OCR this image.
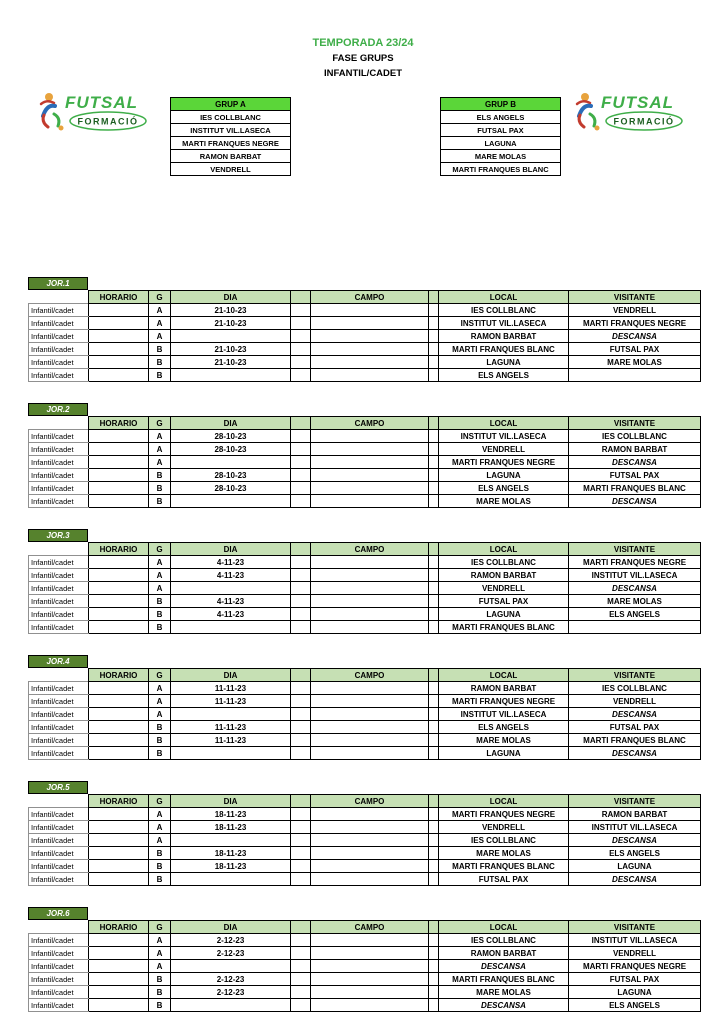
TEMPORADA 23/24
FASE GRUPS
INFANTIL/CADET
FUTSAL
FORMACIÓ
FUTSAL
FORMACIÓ
GRUP A
IES COLLBLANC
INSTITUT VIL.LASECA
MARTI FRANQUES NEGRE
RAMON BARBAT
VENDRELL
GRUP B
ELS ANGELS
FUTSAL PAX
LAGUNA
MARE MOLAS
MARTI FRANQUES BLANC
JOR.1
	HORARIO	G	DIA		CAMPO		LOCAL	VISITANTE
Infantil/cadet		A	21-10-23				IES COLLBLANC	VENDRELL
Infantil/cadet		A	21-10-23				INSTITUT VIL.LASECA	MARTI FRANQUES NEGRE
Infantil/cadet		A					RAMON BARBAT	DESCANSA
Infantil/cadet		B	21-10-23				MARTI FRANQUES BLANC	FUTSAL PAX
Infantil/cadet		B	21-10-23				LAGUNA	MARE MOLAS
Infantil/cadet		B					ELS ANGELS	
JOR.2
	HORARIO	G	DIA		CAMPO		LOCAL	VISITANTE
Infantil/cadet		A	28-10-23				INSTITUT VIL.LASECA	IES COLLBLANC
Infantil/cadet		A	28-10-23				VENDRELL	RAMON BARBAT
Infantil/cadet		A					MARTI FRANQUES NEGRE	DESCANSA
Infantil/cadet		B	28-10-23				LAGUNA	FUTSAL PAX
Infantil/cadet		B	28-10-23				ELS ANGELS	MARTI FRANQUES BLANC
Infantil/cadet		B					MARE MOLAS	DESCANSA
JOR.3
	HORARIO	G	DIA		CAMPO		LOCAL	VISITANTE
Infantil/cadet		A	4-11-23				IES COLLBLANC	MARTI FRANQUES NEGRE
Infantil/cadet		A	4-11-23				RAMON BARBAT	INSTITUT VIL.LASECA
Infantil/cadet		A					VENDRELL	DESCANSA
Infantil/cadet		B	4-11-23				FUTSAL PAX	MARE MOLAS
Infantil/cadet		B	4-11-23				LAGUNA	ELS ANGELS
Infantil/cadet		B					MARTI FRANQUES BLANC	
JOR.4
	HORARIO	G	DIA		CAMPO		LOCAL	VISITANTE
Infantil/cadet		A	11-11-23				RAMON BARBAT	IES COLLBLANC
Infantil/cadet		A	11-11-23				MARTI FRANQUES NEGRE	VENDRELL
Infantil/cadet		A					INSTITUT VIL.LASECA	DESCANSA
Infantil/cadet		B	11-11-23				ELS ANGELS	FUTSAL PAX
Infantil/cadet		B	11-11-23				MARE MOLAS	MARTI FRANQUES BLANC
Infantil/cadet		B					LAGUNA	DESCANSA
JOR.5
	HORARIO	G	DIA		CAMPO		LOCAL	VISITANTE
Infantil/cadet		A	18-11-23				MARTI FRANQUES NEGRE	RAMON BARBAT
Infantil/cadet		A	18-11-23				VENDRELL	INSTITUT VIL.LASECA
Infantil/cadet		A					IES COLLBLANC	DESCANSA
Infantil/cadet		B	18-11-23				MARE MOLAS	ELS ANGELS
Infantil/cadet		B	18-11-23				MARTI FRANQUES BLANC	LAGUNA
Infantil/cadet		B					FUTSAL PAX	DESCANSA
JOR.6
	HORARIO	G	DIA		CAMPO		LOCAL	VISITANTE
Infantil/cadet		A	2-12-23				IES COLLBLANC	INSTITUT VIL.LASECA
Infantil/cadet		A	2-12-23				RAMON BARBAT	VENDRELL
Infantil/cadet		A					DESCANSA	MARTI FRANQUES NEGRE
Infantil/cadet		B	2-12-23				MARTI FRANQUES BLANC	FUTSAL PAX
Infantil/cadet		B	2-12-23				MARE MOLAS	LAGUNA
Infantil/cadet		B					DESCANSA	ELS ANGELS
